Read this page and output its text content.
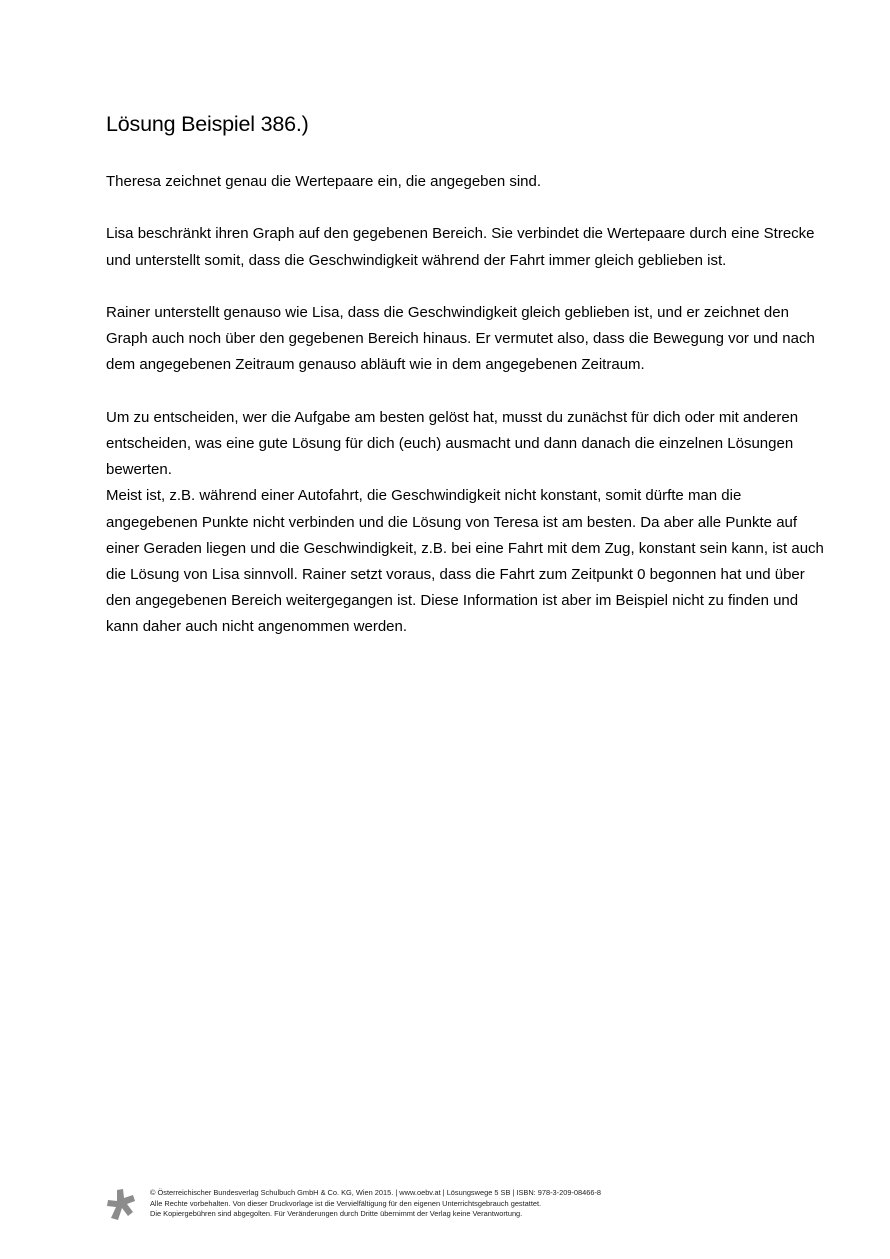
Lösung Beispiel 386.)

Theresa zeichnet genau die Wertepaare ein, die angegeben sind.

Lisa beschränkt ihren Graph auf den gegebenen Bereich. Sie verbindet die Wertepaare durch eine Strecke und unterstellt somit, dass die Geschwindigkeit während der Fahrt immer gleich geblieben ist.

Rainer unterstellt genauso wie Lisa, dass die Geschwindigkeit gleich geblieben ist, und er zeichnet den Graph auch noch über den gegebenen Bereich hinaus. Er vermutet also, dass die Bewegung vor und nach dem angegebenen Zeitraum genauso abläuft wie in dem angegebenen Zeitraum.

Um zu entscheiden, wer die Aufgabe am besten gelöst hat, musst du zunächst für dich oder mit anderen entscheiden, was eine gute Lösung für dich (euch) ausmacht und dann danach die einzelnen Lösungen bewerten.

Meist ist, z.B. während einer Autofahrt, die Geschwindigkeit nicht konstant, somit dürfte man die angegebenen Punkte nicht verbinden und die Lösung von Teresa ist am besten. Da aber alle Punkte auf einer Geraden liegen und die Geschwindigkeit, z.B. bei eine Fahrt mit dem Zug, konstant sein kann, ist auch die Lösung von Lisa sinnvoll. Rainer setzt voraus, dass die Fahrt zum Zeitpunkt 0 begonnen hat und über den angegebenen Bereich weitergegangen ist. Diese Information ist aber im Beispiel nicht zu finden und kann daher auch nicht angenommen werden.

© Österreichischer Bundesverlag Schulbuch GmbH & Co. KG, Wien 2015. | www.oebv.at | Lösungswege 5 SB | ISBN: 978-3-209-08466-8
Alle Rechte vorbehalten. Von dieser Druckvorlage ist die Vervielfältigung für den eigenen Unterrichtsgebrauch gestattet.
Die Kopiergebühren sind abgegolten. Für Veränderungen durch Dritte übernimmt der Verlag keine Verantwortung.
